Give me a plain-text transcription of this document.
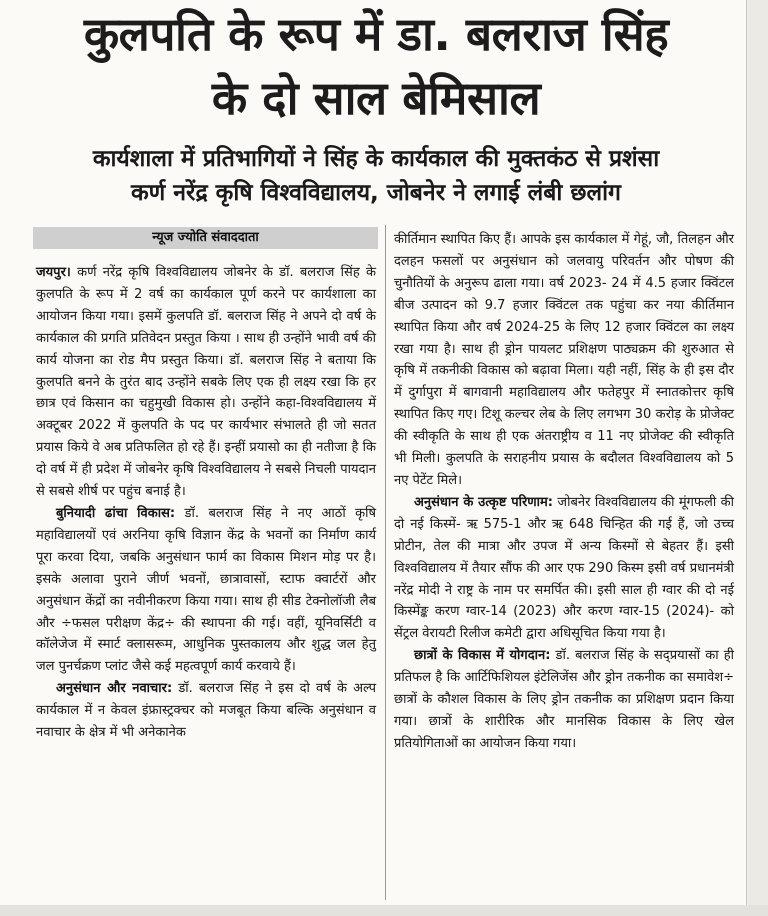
कुलपति के रूप में डा. बलराज सिंह
के दो साल बेमिसाल
कार्यशाला में प्रतिभागियों ने सिंह के कार्यकाल की मुक्तकंठ से प्रशंसा
कर्ण नरेंद्र कृषि विश्वविद्यालय, जोबनेर ने लगाई लंबी छलांग
न्यूज ज्योति संवाददाता

जयपुर। कर्ण नरेंद्र कृषि विश्वविद्यालय जोबनेर के डॉ. बलराज सिंह के कुलपति के रूप में 2 वर्ष का कार्यकाल पूर्ण करने पर कार्यशाला का आयोजन किया गया। इसमें कुलपति डॉ. बलराज सिंह ने अपने दो वर्ष के कार्यकाल की प्रगति प्रतिवेदन प्रस्तुत किया । साथ ही उन्होंने भावी वर्ष की कार्य योजना का रोड मैप प्रस्तुत किया। डॉ. बलराज सिंह ने बताया कि कुलपति बनने के तुरंत बाद उन्होंने सबके लिए एक ही लक्ष्य रखा कि हर छात्र एवं किसान का चहुमुखी विकास हो। उन्होंने कहा-विश्वविद्यालय में अक्टूबर 2022 में कुलपति के पद पर कार्यभार संभालते ही जो सतत प्रयास किये वे अब प्रतिफलित हो रहे हैं। इन्हीं प्रयासो का ही नतीजा है कि दो वर्ष में ही प्रदेश में जोबनेर कृषि विश्वविद्यालय ने सबसे निचली पायदान से सबसे शीर्ष पर पहुंच बनाई है।

बुनियादी ढांचा विकास: डॉ. बलराज सिंह ने नए आठों कृषि महाविद्यालयों एवं अरनिया कृषि विज्ञान केंद्र के भवनों का निर्माण कार्य पूरा करवा दिया, जबकि अनुसंधान फार्म का विकास मिशन मोड़ पर है। इसके अलावा पुराने जीर्ण भवनों, छात्रावासों, स्टाफ क्वार्टरों और अनुसंधान केंद्रों का नवीनीकरण किया गया। साथ ही सीड टेक्नोलॉजी लैब और ÷फसल परीक्षण केंद्र÷ की स्थापना की गई। वहीं, यूनिवर्सिटी व कॉलेजेज में स्मार्ट क्लासरूम, आधुनिक पुस्तकालय और शुद्ध जल हेतु जल पुनर्चक्रण प्लांट जैसे कई महत्वपूर्ण कार्य करवाये हैं।

अनुसंधान और नवाचार: डॉ. बलराज सिंह ने इस दो वर्ष के अल्प कार्यकाल में न केवल इंफ्रास्ट्रक्चर को मजबूत किया बल्कि अनुसंधान व नवाचार के क्षेत्र में भी अनेकानेक

कीर्तिमान स्थापित किए हैं। आपके इस कार्यकाल में गेहूं, जौ, तिलहन और दलहन फसलों पर अनुसंधान को जलवायु परिवर्तन और पोषण की चुनौतियों के अनुरूप ढाला गया। वर्ष 2023- 24 में 4.5 हजार क्विंटल बीज उत्पादन को 9.7 हजार क्विंटल तक पहुंचा कर नया कीर्तिमान स्थापित किया और वर्ष 2024-25 के लिए 12 हजार क्विंटल का लक्ष्य रखा गया है। साथ ही ड्रोन पायलट प्रशिक्षण पाठ्यक्रम की शुरुआत से कृषि में तकनीकी विकास को बढ़ावा मिला। यही नहीं, सिंह के ही इस दौर में दुर्गापुरा में बागवानी महाविद्यालय और फतेहपुर में स्नातकोत्तर कृषि स्थापित किए गए। टिशू कल्चर लेब के लिए लगभग 30 करोड़ के प्रोजेक्ट की स्वीकृति के साथ ही एक अंतराष्ट्रीय व 11 नए प्रोजेक्ट की स्वीकृति भी मिली। कुलपति के सराहनीय प्रयास के बदौलत विश्वविद्यालय को 5 नए पेटेंट मिले।

अनुसंधान के उत्कृष्ट परिणाम: जोबनेर विश्वविद्यालय की मूंगफली की दो नई किस्में- ऋ 575-1 और ऋ 648 चिन्हित की गई हैं, जो उच्च प्रोटीन, तेल की मात्रा और उपज में अन्य किस्मों से बेहतर हैं। इसी विश्वविद्यालय में तैयार सौंफ की आर एफ 290 किस्म इसी वर्ष प्रधानमंत्री नरेंद्र मोदी ने राष्ट्र के नाम पर समर्पित की। इसी साल ही ग्वार की दो नई किस्मेंङ्क करण ग्वार-14 (2023) और करण ग्वार-15 (2024)- को सेंट्रल वेरायटी रिलीज कमेटी द्वारा अधिसूचित किया गया है।

छात्रों के विकास में योगदान: डॉ. बलराज सिंह के सद्प्रयासों का ही प्रतिफल है कि आर्टिफिशियल इंटेलिजेंस और ड्रोन तकनीक का समावेश÷ छात्रों के कौशल विकास के लिए ड्रोन तकनीक का प्रशिक्षण प्रदान किया गया। छात्रों के शारीरिक और मानसिक विकास के लिए खेल प्रतियोगिताओं का आयोजन किया गया।
